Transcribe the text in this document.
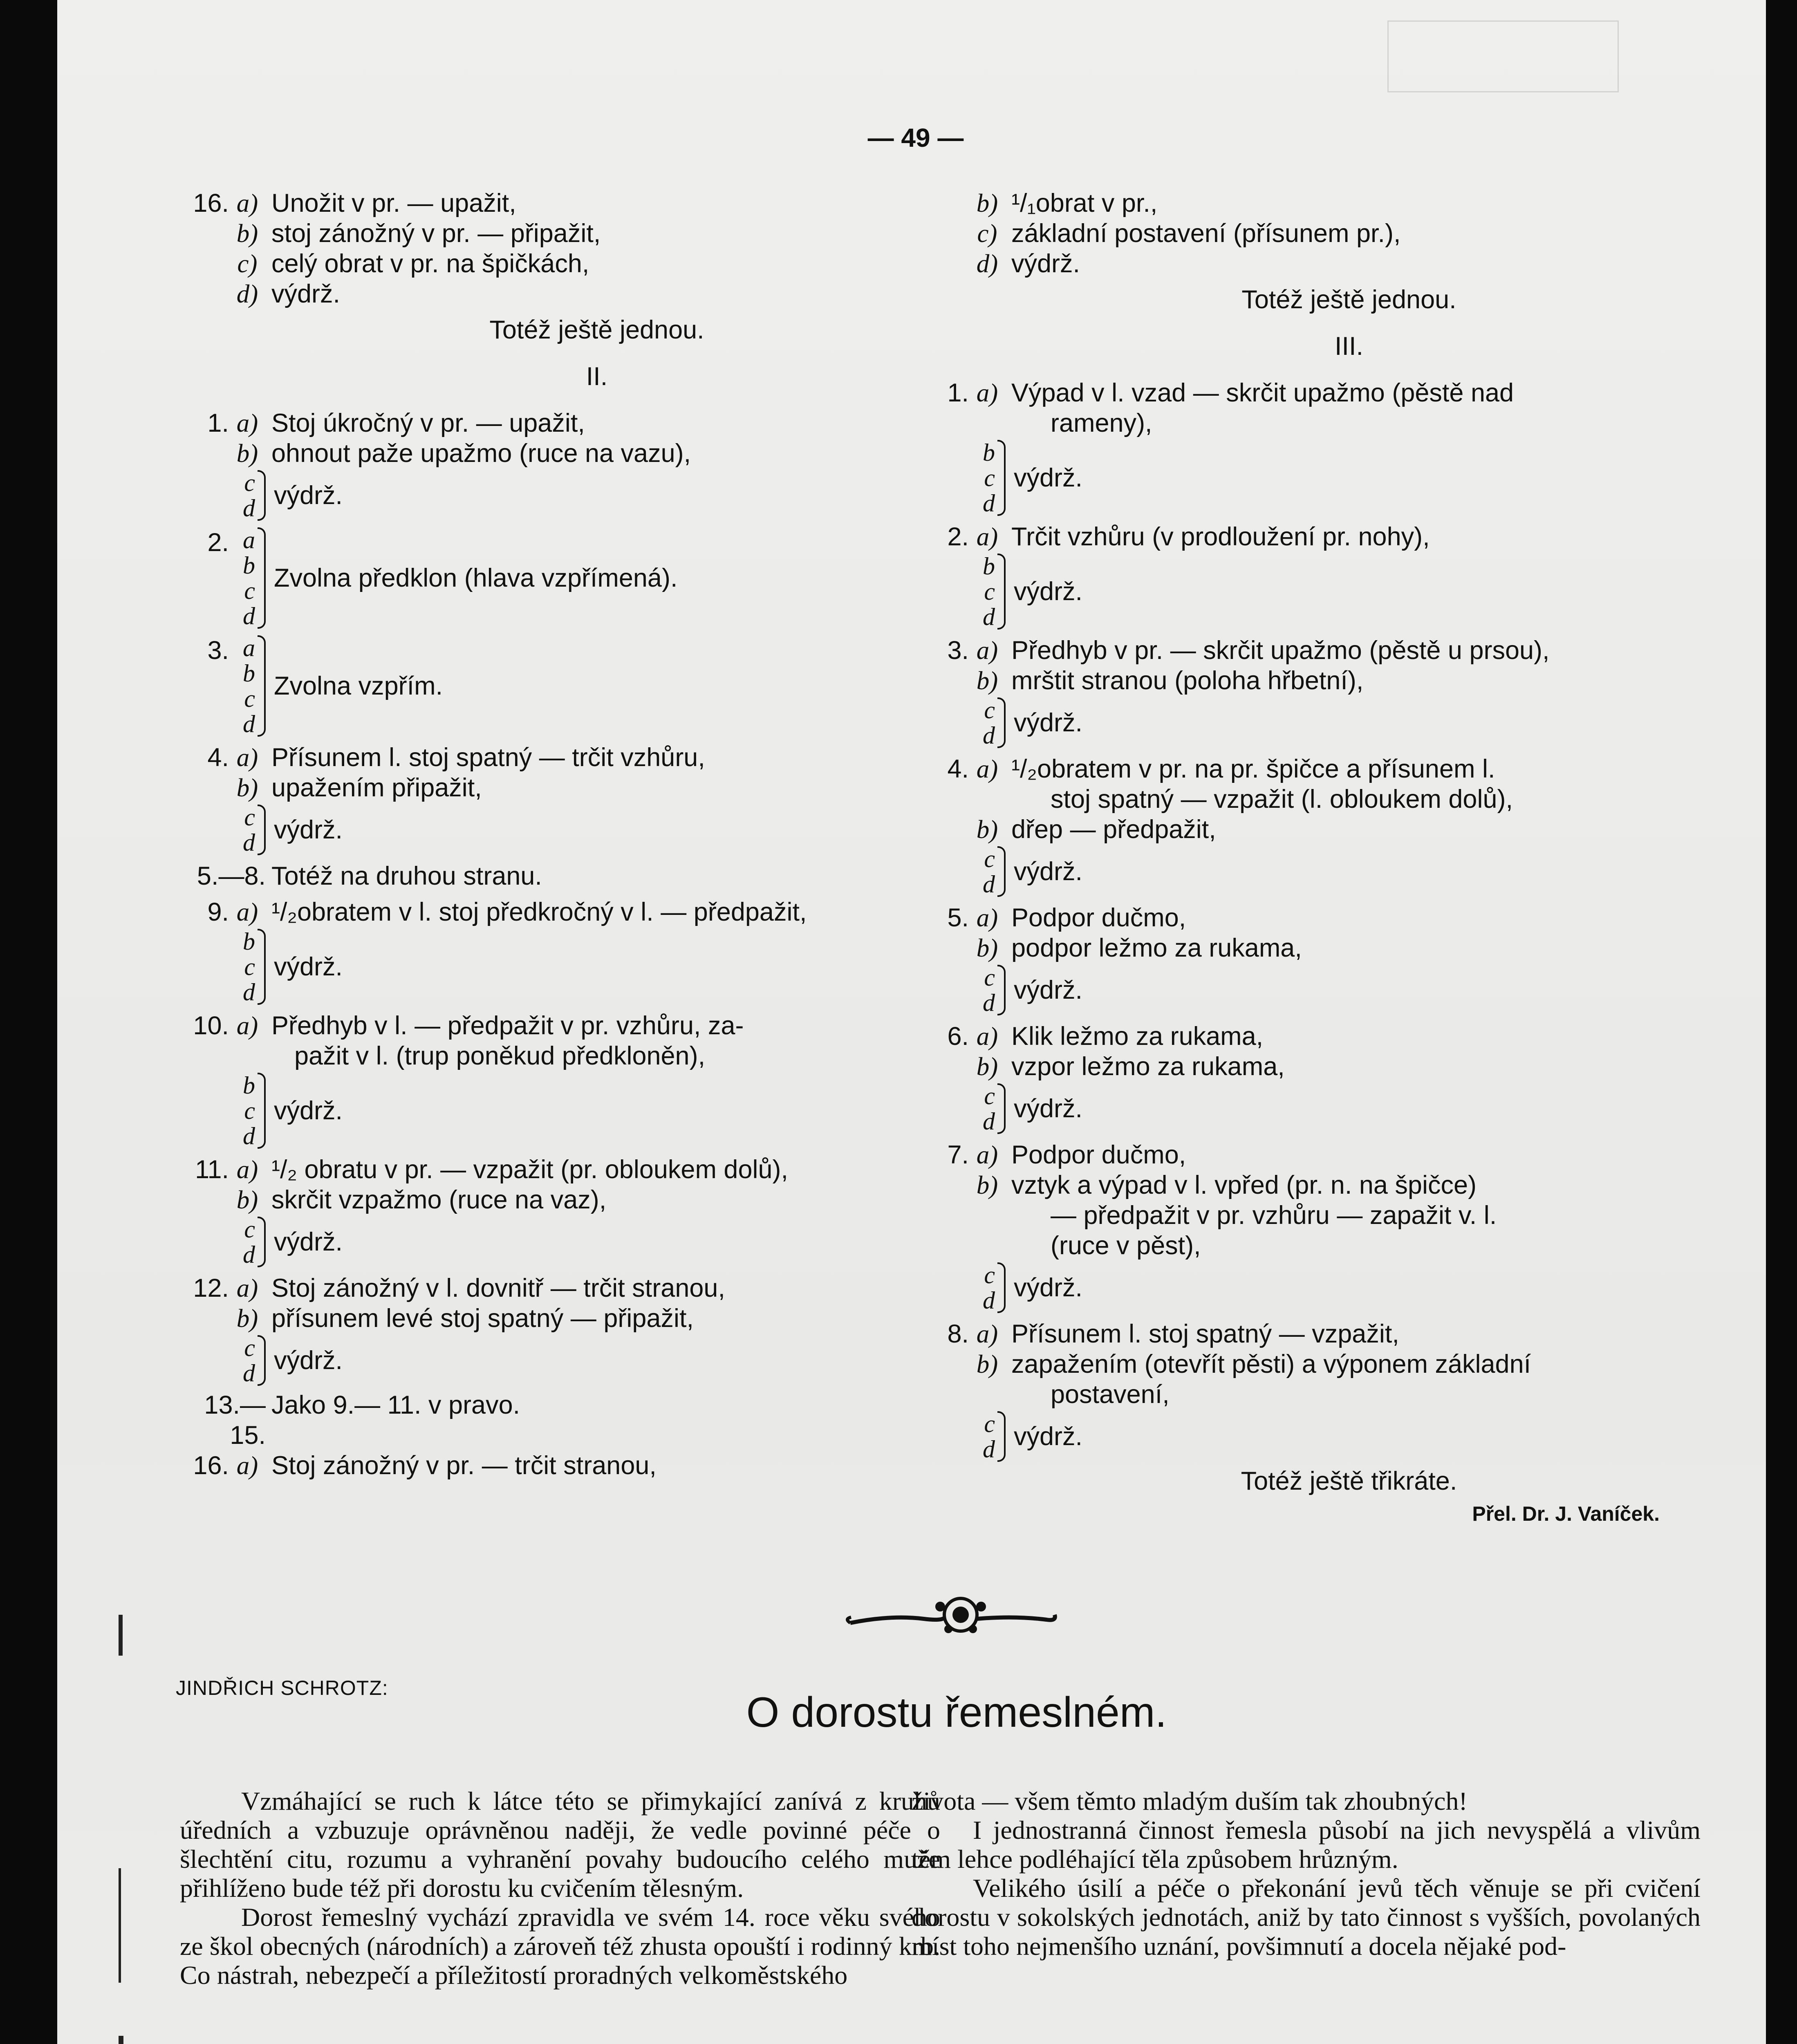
— 49 —
16. a) Unožit v pr. — upažit,
b) stoj zánožný v pr. — připažit,
c) celý obrat v pr. na špičkách,
d) výdrž.
Totéž ještě jednou.
II.
1. a) Stoj úkročný v pr. — upažit,
b) ohnout paže upažmo (ruce na vazu),
c
d výdrž.
2. a
b
c
d
Zvolna předklon (hlava vzpřímená).
3. a
b
c
d
Zvolna vzpřím.
4. a) Přísunem l. stoj spatný — trčit vzhůru,
b) upažením připažit,
c
d výdrž.
5.—8. Totéž na druhou stranu.
9. a) ¹/₂obratem v l. stoj předkročný v l. — předpažit,
b
c
d
výdrž.
10. a) Předhyb v l. — předpažit v pr. vzhůru, za-
pažit v l. (trup poněkud předkloněn),
b
c
d
výdrž.
11. a) ¹/₂ obratu v pr. — vzpažit (pr. obloukem dolů),
b) skrčit vzpažmo (ruce na vaz),
c
d výdrž.
12. a) Stoj zánožný v l. dovnitř — trčit stranou,
b) přísunem levé stoj spatný — připažit,
c
d výdrž.
13.—15.
Jako 9.— 11. v pravo.
16. a) Stoj zánožný v pr. — trčit stranou,
b) ¹/₁obrat v pr.,
c) základní postavení (přísunem pr.),
d) výdrž.
Totéž ještě jednou.
III.
1. a) Výpad v l. vzad — skrčit upažmo (pěstě nad
rameny),
b
c
d
výdrž.
2. a) Trčit vzhůru (v prodloužení pr. nohy),
b
c
d
výdrž.
3. a) Předhyb v pr. — skrčit upažmo (pěstě u prsou),
b) mrštit stranou (poloha hřbetní),
c
d výdrž.
4. a) ¹/₂obratem v pr. na pr. špičce a přísunem l.
stoj spatný — vzpažit (l. obloukem dolů),
b) dřep — předpažit,
c
d výdrž.
5. a) Podpor dučmo,
b) podpor ležmo za rukama,
c
d výdrž.
6. a) Klik ležmo za rukama,
b) vzpor ležmo za rukama,
c
d výdrž.
7. a) Podpor dučmo,
b) vztyk a výpad v l. vpřed (pr. n. na špičce)
— předpažit v pr. vzhůru — zapažit v. l.
(ruce v pěst),
c
d výdrž.
8. a) Přísunem l. stoj spatný — vzpažit,
b) zapažením (otevřít pěsti) a výponem základní
postavení,
c
d výdrž.
Totéž ještě třikráte.
Přel. Dr. J. Vaníček.
JINDŘICH SCHROTZ:
O dorostu řemeslném.

Vzmáhající se ruch k látce této se přimykající zanívá z kruhů úředních a vzbuzuje oprávněnou naději, že vedle povinné péče o šlechtění citu, rozumu a vyhranění povahy budoucího celého muže přihlíženo bude též při dorostu ku cvičením tělesným.

Dorost řemeslný vychází zpravidla ve svém 14. roce věku svého ze škol obecných (národních) a zároveň též zhusta opouští i rodinný krb. Co nástrah, nebezpečí a příležitostí proradných velkoměstského

života — všem těmto mladým duším tak zhoubných!

I jednostranná činnost řemesla působí na jich nevyspělá a vlivům těm lehce podléhající těla způsobem hrůzným.

Velikého úsilí a péče o překonání jevů těch věnuje se při cvičení dorostu v sokolských jednotách, aniž by tato činnost s vyšších, povolaných míst toho nejmenšího uznání, povšimnutí a docela nějaké pod-
